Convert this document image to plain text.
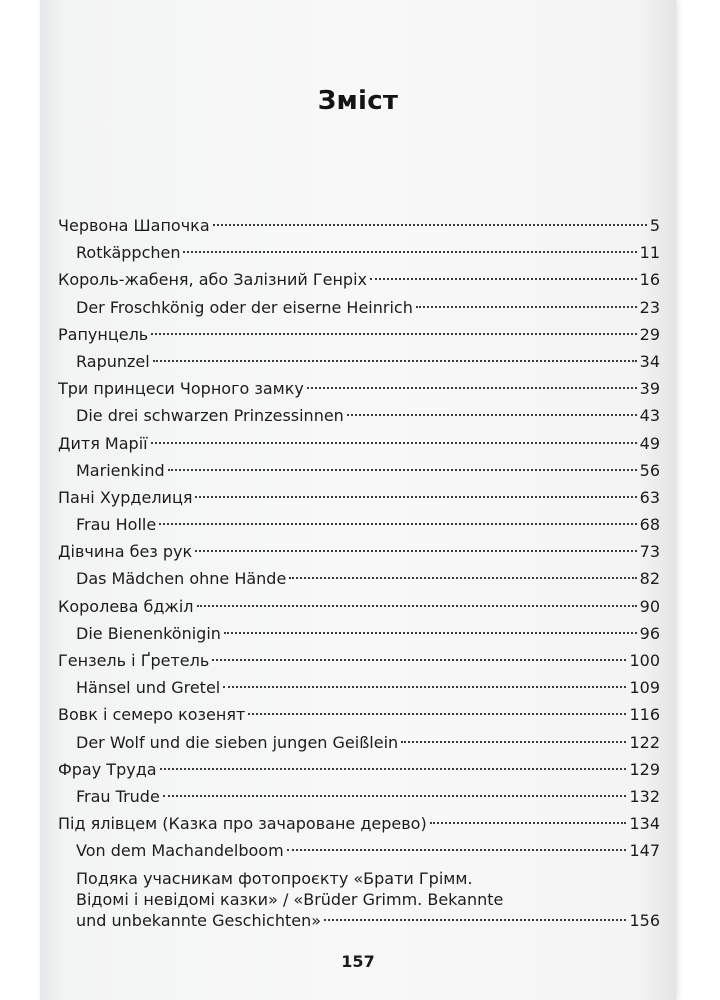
Зміст
Червона Шапочка	5
Rotkäppchen	11
Король-жабеня, або Залізний Генріх	16
Der Froschkönig oder der eiserne Heinrich	23
Рапунцель	29
Rapunzel	34
Три принцеси Чорного замку	39
Die drei schwarzen Prinzessinnen	43
Дитя Марії	49
Marienkind	56
Пані Хурделиця	63
Frau Holle	68
Дівчина без рук	73
Das Mädchen ohne Hände	82
Королева бджіл	90
Die Bienenkönigin	96
Гензель і Ґретель	100
Hänsel und Gretel	109
Вовк і семеро козенят	116
Der Wolf und die sieben jungen Geißlein	122
Фрау Труда	129
Frau Trude	132
Під ялівцем (Казка про зачароване дерево)	134
Von dem Machandelboom	147
Подяка учасникам фотопроєкту «Брати Грімм.
Відомі і невідомі казки» / «Brüder Grimm. Bekannte
und unbekannte Geschichten»	156
157
